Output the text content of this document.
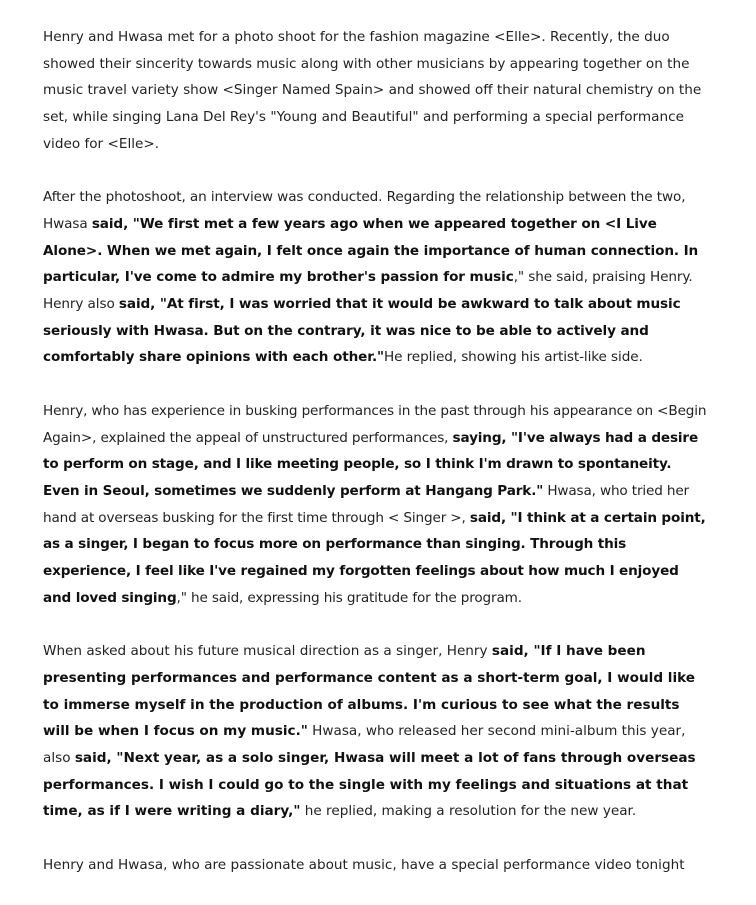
Henry and Hwasa met for a photo shoot for the fashion magazine <Elle>. Recently, the duo showed their sincerity towards music along with other musicians by appearing together on the music travel variety show <Singer Named Spain> and showed off their natural chemistry on the set, while singing Lana Del Rey's "Young and Beautiful" and performing a special performance video for <Elle>.

After the photoshoot, an interview was conducted. Regarding the relationship between the two, Hwasa said, "We first met a few years ago when we appeared together on <I Live Alone>. When we met again, I felt once again the importance of human connection. In particular, I've come to admire my brother's passion for music," she said, praising Henry. Henry also said, "At first, I was worried that it would be awkward to talk about music seriously with Hwasa. But on the contrary, it was nice to be able to actively and comfortably share opinions with each other."He replied, showing his artist-like side.

Henry, who has experience in busking performances in the past through his appearance on <Begin Again>, explained the appeal of unstructured performances, saying, "I've always had a desire to perform on stage, and I like meeting people, so I think I'm drawn to spontaneity. Even in Seoul, sometimes we suddenly perform at Hangang Park." Hwasa, who tried her hand at overseas busking for the first time through < Singer >, said, "I think at a certain point, as a singer, I began to focus more on performance than singing. Through this experience, I feel like I've regained my forgotten feelings about how much I enjoyed and loved singing," he said, expressing his gratitude for the program.

When asked about his future musical direction as a singer, Henry said, "If I have been presenting performances and performance content as a short-term goal, I would like to immerse myself in the production of albums. I'm curious to see what the results will be when I focus on my music." Hwasa, who released her second mini-album this year, also said, "Next year, as a solo singer, Hwasa will meet a lot of fans through overseas performances. I wish I could go to the single with my feelings and situations at that time, as if I were writing a diary," he replied, making a resolution for the new year.

Henry and Hwasa, who are passionate about music, have a special performance video tonight
